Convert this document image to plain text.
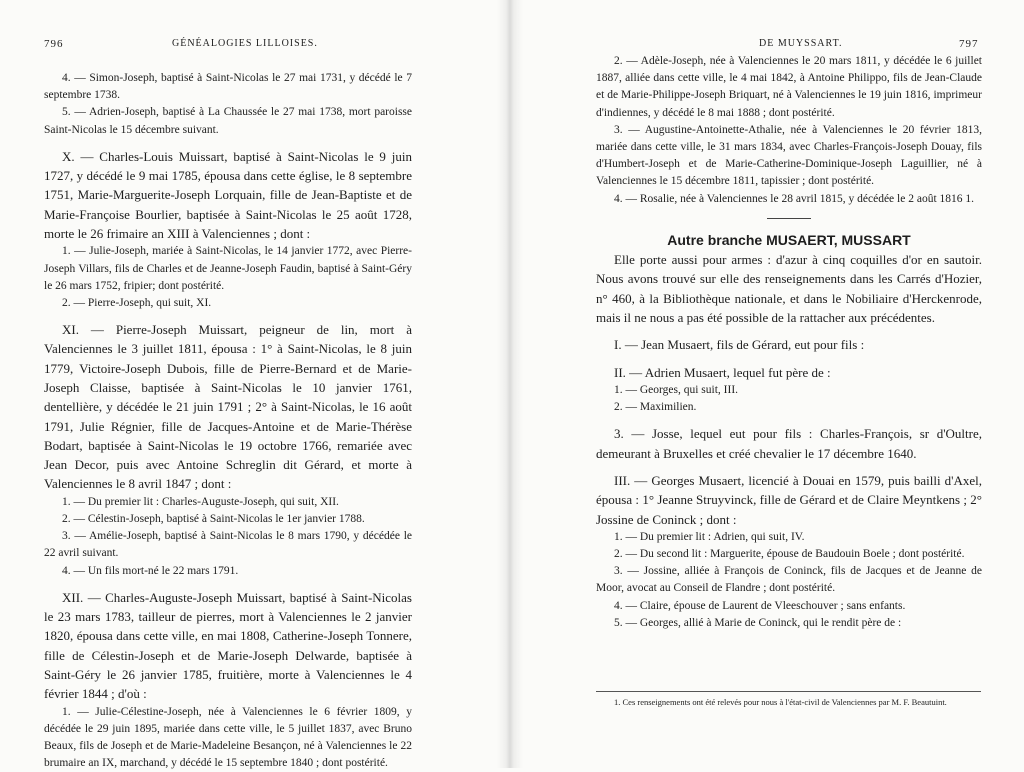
796	GÉNÉALOGIES LILLOISES.

4. — Simon-Joseph, baptisé à Saint-Nicolas le 27 mai 1731, y décédé le 7 septembre 1738.

5. — Adrien-Joseph, baptisé à La Chaussée le 27 mai 1738, mort paroisse Saint-Nicolas le 15 décembre suivant.

X. — Charles-Louis Muissart, baptisé à Saint-Nicolas le 9 juin 1727, y décédé le 9 mai 1785, épousa dans cette église, le 8 septembre 1751, Marie-Marguerite-Joseph Lorquain, fille de Jean-Baptiste et de Marie-Françoise Bourlier, baptisée à Saint-Nicolas le 25 août 1728, morte le 26 frimaire an XIII à Valenciennes ; dont :

1. — Julie-Joseph, mariée à Saint-Nicolas, le 14 janvier 1772, avec Pierre-Joseph Villars, fils de Charles et de Jeanne-Joseph Faudin, baptisé à Saint-Géry le 26 mars 1752, fripier; dont postérité.

2. — Pierre-Joseph, qui suit, XI.

XI. — Pierre-Joseph Muissart, peigneur de lin, mort à Valenciennes le 3 juillet 1811, épousa : 1° à Saint-Nicolas, le 8 juin 1779, Victoire-Joseph Dubois, fille de Pierre-Bernard et de Marie-Joseph Claisse, baptisée à Saint-Nicolas le 10 janvier 1761, dentellière, y décédée le 21 juin 1791 ; 2° à Saint-Nicolas, le 16 août 1791, Julie Régnier, fille de Jacques-Antoine et de Marie-Thérèse Bodart, baptisée à Saint-Nicolas le 19 octobre 1766, remariée avec Jean Decor, puis avec Antoine Schreglin dit Gérard, et morte à Valenciennes le 8 avril 1847 ; dont :

1. — Du premier lit : Charles-Auguste-Joseph, qui suit, XII.

2. — Célestin-Joseph, baptisé à Saint-Nicolas le 1er janvier 1788.

3. — Amélie-Joseph, baptisé à Saint-Nicolas le 8 mars 1790, y décédée le 22 avril suivant.

4. — Un fils mort-né le 22 mars 1791.

XII. — Charles-Auguste-Joseph Muissart, baptisé à Saint-Nicolas le 23 mars 1783, tailleur de pierres, mort à Valenciennes le 2 janvier 1820, épousa dans cette ville, en mai 1808, Catherine-Joseph Tonnere, fille de Célestin-Joseph et de Marie-Joseph Delwarde, baptisée à Saint-Géry le 26 janvier 1785, fruitière, morte à Valenciennes le 4 février 1844 ; d'où :

1. — Julie-Célestine-Joseph, née à Valenciennes le 6 février 1809, y décédée le 29 juin 1895, mariée dans cette ville, le 5 juillet 1837, avec Bruno Beaux, fils de Joseph et de Marie-Madeleine Besançon, né à Valenciennes le 22 brumaire an IX, marchand, y décédé le 15 septembre 1840 ; dont postérité.

DE MUYSSART.	797

2. — Adèle-Joseph, née à Valenciennes le 20 mars 1811, y décédée le 6 juillet 1887, alliée dans cette ville, le 4 mai 1842, à Antoine Philippo, fils de Jean-Claude et de Marie-Philippe-Joseph Briquart, né à Valenciennes le 19 juin 1816, imprimeur d'indiennes, y décédé le 8 mai 1888 ; dont postérité.

3. — Augustine-Antoinette-Athalie, née à Valenciennes le 20 février 1813, mariée dans cette ville, le 31 mars 1834, avec Charles-François-Joseph Douay, fils d'Humbert-Joseph et de Marie-Catherine-Dominique-Joseph Laguillier, né à Valenciennes le 15 décembre 1811, tapissier ; dont postérité.

4. — Rosalie, née à Valenciennes le 28 avril 1815, y décédée le 2 août 1816 1.

Autre branche MUSAERT, MUSSART

Elle porte aussi pour armes : d'azur à cinq coquilles d'or en sautoir. Nous avons trouvé sur elle des renseignements dans les Carrés d'Hozier, n° 460, à la Bibliothèque nationale, et dans le Nobiliaire d'Herckenrode, mais il ne nous a pas été possible de la rattacher aux précédentes.

I. — Jean Musaert, fils de Gérard, eut pour fils :

II. — Adrien Musaert, lequel fut père de :

1. — Georges, qui suit, III.

2. — Maximilien.

3. — Josse, lequel eut pour fils : Charles-François, sr d'Oultre, demeurant à Bruxelles et créé chevalier le 17 décembre 1640.

III. — Georges Musaert, licencié à Douai en 1579, puis bailli d'Axel, épousa : 1° Jeanne Struyvinck, fille de Gérard et de Claire Meyntkens ; 2° Jossine de Coninck ; dont :

1. — Du premier lit : Adrien, qui suit, IV.

2. — Du second lit : Marguerite, épouse de Baudouin Boele ; dont postérité.

3. — Jossine, alliée à François de Coninck, fils de Jacques et de Jeanne de Moor, avocat au Conseil de Flandre ; dont postérité.

4. — Claire, épouse de Laurent de Vleeschouver ; sans enfants.

5. — Georges, allié à Marie de Coninck, qui le rendit père de :

1. Ces renseignements ont été relevés pour nous à l'état-civil de Valenciennes par M. F. Beautuint.
